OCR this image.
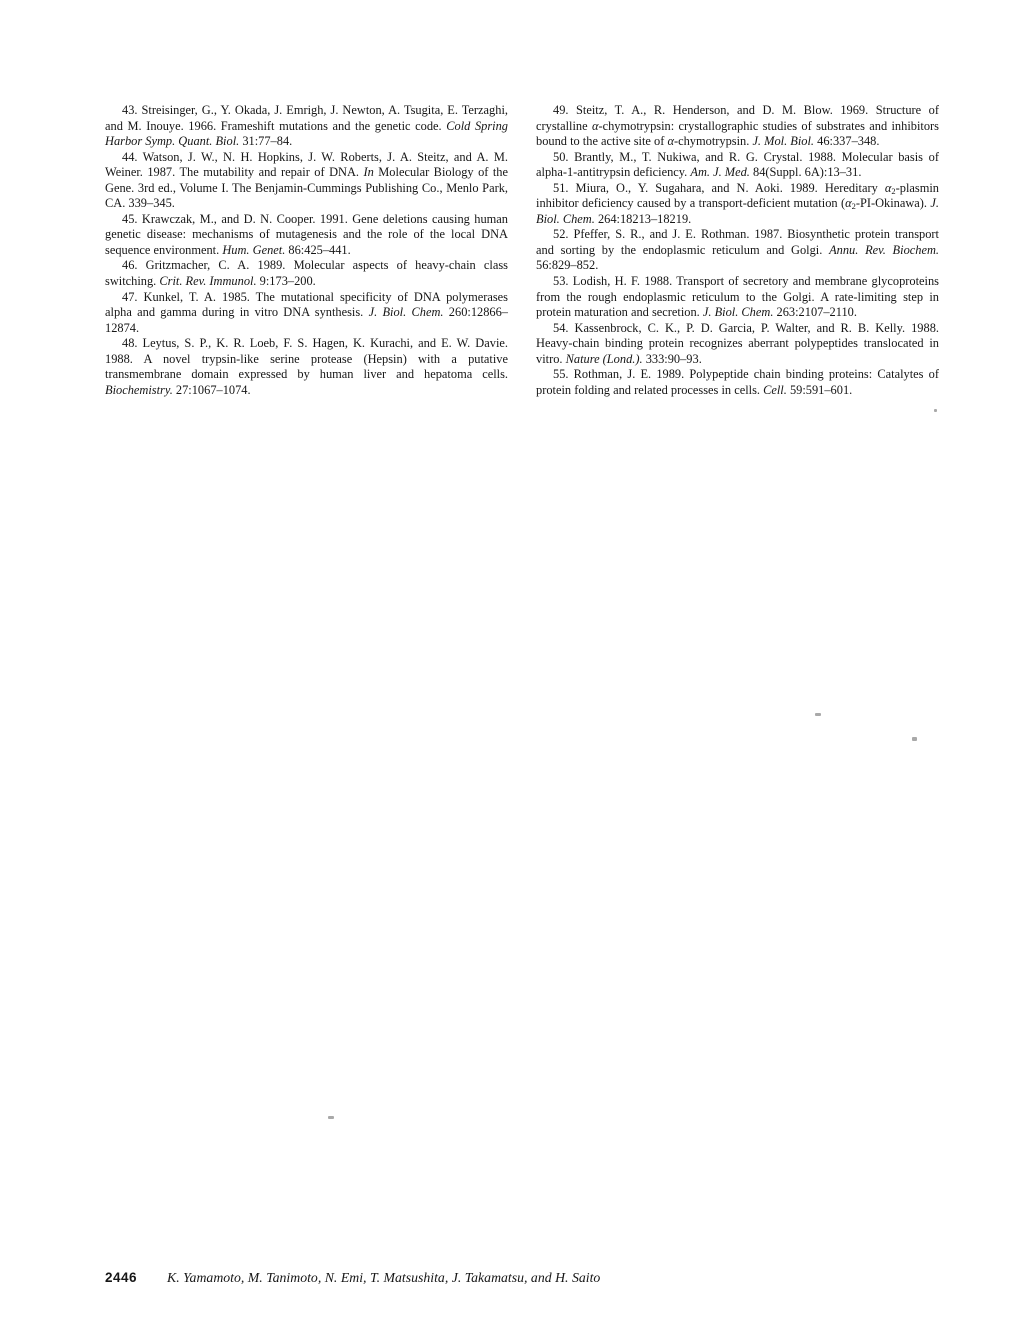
43. Streisinger, G., Y. Okada, J. Emrigh, J. Newton, A. Tsugita, E. Terzaghi, and M. Inouye. 1966. Frameshift mutations and the genetic code. Cold Spring Harbor Symp. Quant. Biol. 31:77–84.

44. Watson, J. W., N. H. Hopkins, J. W. Roberts, J. A. Steitz, and A. M. Weiner. 1987. The mutability and repair of DNA. In Molecular Biology of the Gene. 3rd ed., Volume I. The Benjamin-Cummings Publishing Co., Menlo Park, CA. 339–345.

45. Krawczak, M., and D. N. Cooper. 1991. Gene deletions causing human genetic disease: mechanisms of mutagenesis and the role of the local DNA sequence environment. Hum. Genet. 86:425–441.

46. Gritzmacher, C. A. 1989. Molecular aspects of heavy-chain class switching. Crit. Rev. Immunol. 9:173–200.

47. Kunkel, T. A. 1985. The mutational specificity of DNA polymerases alpha and gamma during in vitro DNA synthesis. J. Biol. Chem. 260:12866–12874.

48. Leytus, S. P., K. R. Loeb, F. S. Hagen, K. Kurachi, and E. W. Davie. 1988. A novel trypsin-like serine protease (Hepsin) with a putative transmembrane domain expressed by human liver and hepatoma cells. Biochemistry. 27:1067–1074.

49. Steitz, T. A., R. Henderson, and D. M. Blow. 1969. Structure of crystalline α-chymotrypsin: crystallographic studies of substrates and inhibitors bound to the active site of α-chymotrypsin. J. Mol. Biol. 46:337–348.

50. Brantly, M., T. Nukiwa, and R. G. Crystal. 1988. Molecular basis of alpha-1-antitrypsin deficiency. Am. J. Med. 84(Suppl. 6A):13–31.

51. Miura, O., Y. Sugahara, and N. Aoki. 1989. Hereditary $\alpha_2$-plasmin inhibitor deficiency caused by a transport-deficient mutation $(\alpha_2-PI-Okinawa)$. J. Biol. Chem. 264:18213–18219.

52. Pfeffer, S. R., and J. E. Rothman. 1987. Biosynthetic protein transport and sorting by the endoplasmic reticulum and Golgi. Annu. Rev. Biochem. 56:829–852.

53. Lodish, H. F. 1988. Transport of secretory and membrane glycoproteins from the rough endoplasmic reticulum to the Golgi. A rate-limiting step in protein maturation and secretion. J. Biol. Chem. 263:2107–2110.

54. Kassenbrock, C. K., P. D. Garcia, P. Walter, and R. B. Kelly. 1988. Heavy-chain binding protein recognizes aberrant polypeptides translocated in vitro. Nature (Lond.). 333:90–93.

55. Rothman, J. E. 1989. Polypeptide chain binding proteins: Catalytes of protein folding and related processes in cells. Cell. 59:591–601.

2446 K. Yamamoto, M. Tanimoto, N. Emi, T. Matsushita, J. Takamatsu, and H. Saito
